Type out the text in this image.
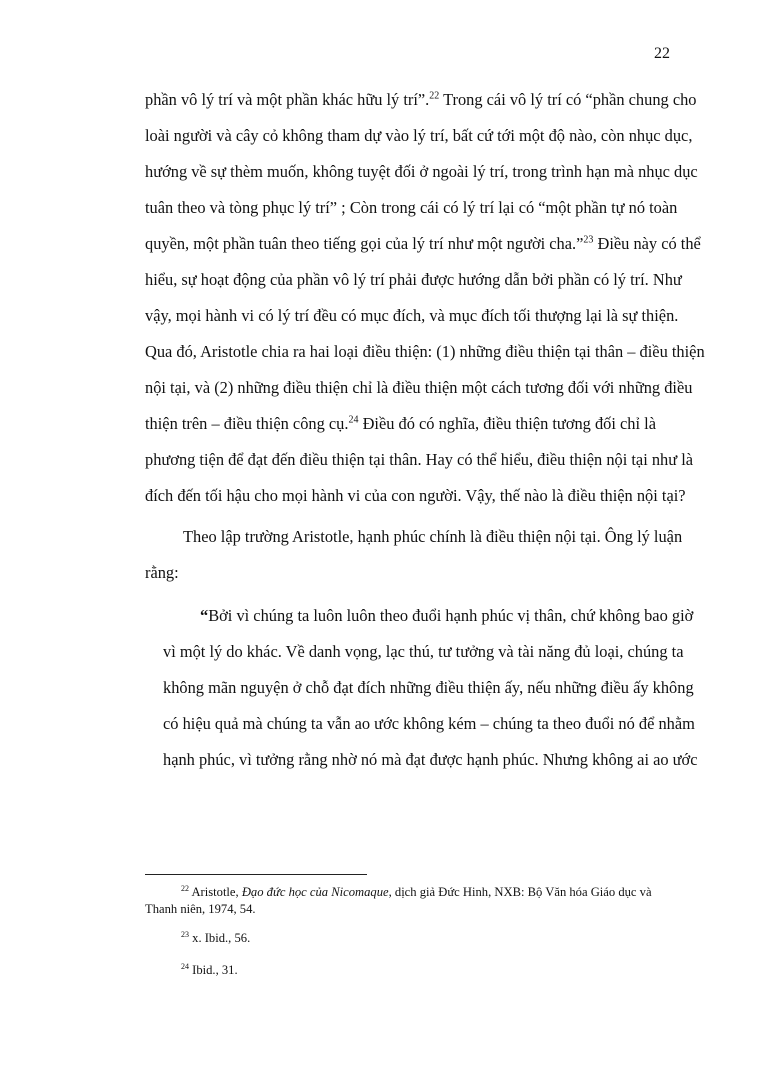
22
phần vô lý trí và một phần khác hữu lý trí”.$^{22}$ Trong cái vô lý trí có “phần chung cho
loài người và cây cỏ không tham dự vào lý trí, bất cứ tới một độ nào, còn nhục dục,
hướng về sự thèm muốn, không tuyệt đối ở ngoài lý trí, trong trình hạn mà nhục dục
tuân theo và tòng phục lý trí” ; Còn trong cái có lý trí lại có “một phần tự nó toàn
quyền, một phần tuân theo tiếng gọi của lý trí như một người cha.”$^{23}$ Điều này có thể
hiểu, sự hoạt động của phần vô lý trí phải được hướng dẫn bởi phần có lý trí. Như
vậy, mọi hành vi có lý trí đều có mục đích, và mục đích tối thượng lại là sự thiện.
Qua đó, Aristotle chia ra hai loại điều thiện: (1) những điều thiện tại thân – điều thiện
nội tại, và (2) những điều thiện chỉ là điều thiện một cách tương đối với những điều
thiện trên – điều thiện công cụ.$^{24}$ Điều đó có nghĩa, điều thiện tương đối chỉ là
phương tiện để đạt đến điều thiện tại thân. Hay có thể hiểu, điều thiện nội tại như là
đích đến tối hậu cho mọi hành vi của con người. Vậy, thế nào là điều thiện nội tại?
Theo lập trường Aristotle, hạnh phúc chính là điều thiện nội tại. Ông lý luận
rằng:
“Bởi vì chúng ta luôn luôn theo đuổi hạnh phúc vị thân, chứ không bao giờ
vì một lý do khác. Về danh vọng, lạc thú, tư tưởng và tài năng đủ loại, chúng ta
không mãn nguyện ở chỗ đạt đích những điều thiện ấy, nếu những điều ấy không
có hiệu quả mà chúng ta vẫn ao ước không kém – chúng ta theo đuổi nó để nhằm
hạnh phúc, vì tưởng rằng nhờ nó mà đạt được hạnh phúc. Nhưng không ai ao ước
$^{22}$ Aristotle, Đạo đức học của Nicomaque, dịch giả Đức Hinh, NXB: Bộ Văn hóa Giáo dục và
Thanh niên, 1974, 54.
$^{23}$ x. Ibid., 56.
$^{24}$ Ibid., 31.
